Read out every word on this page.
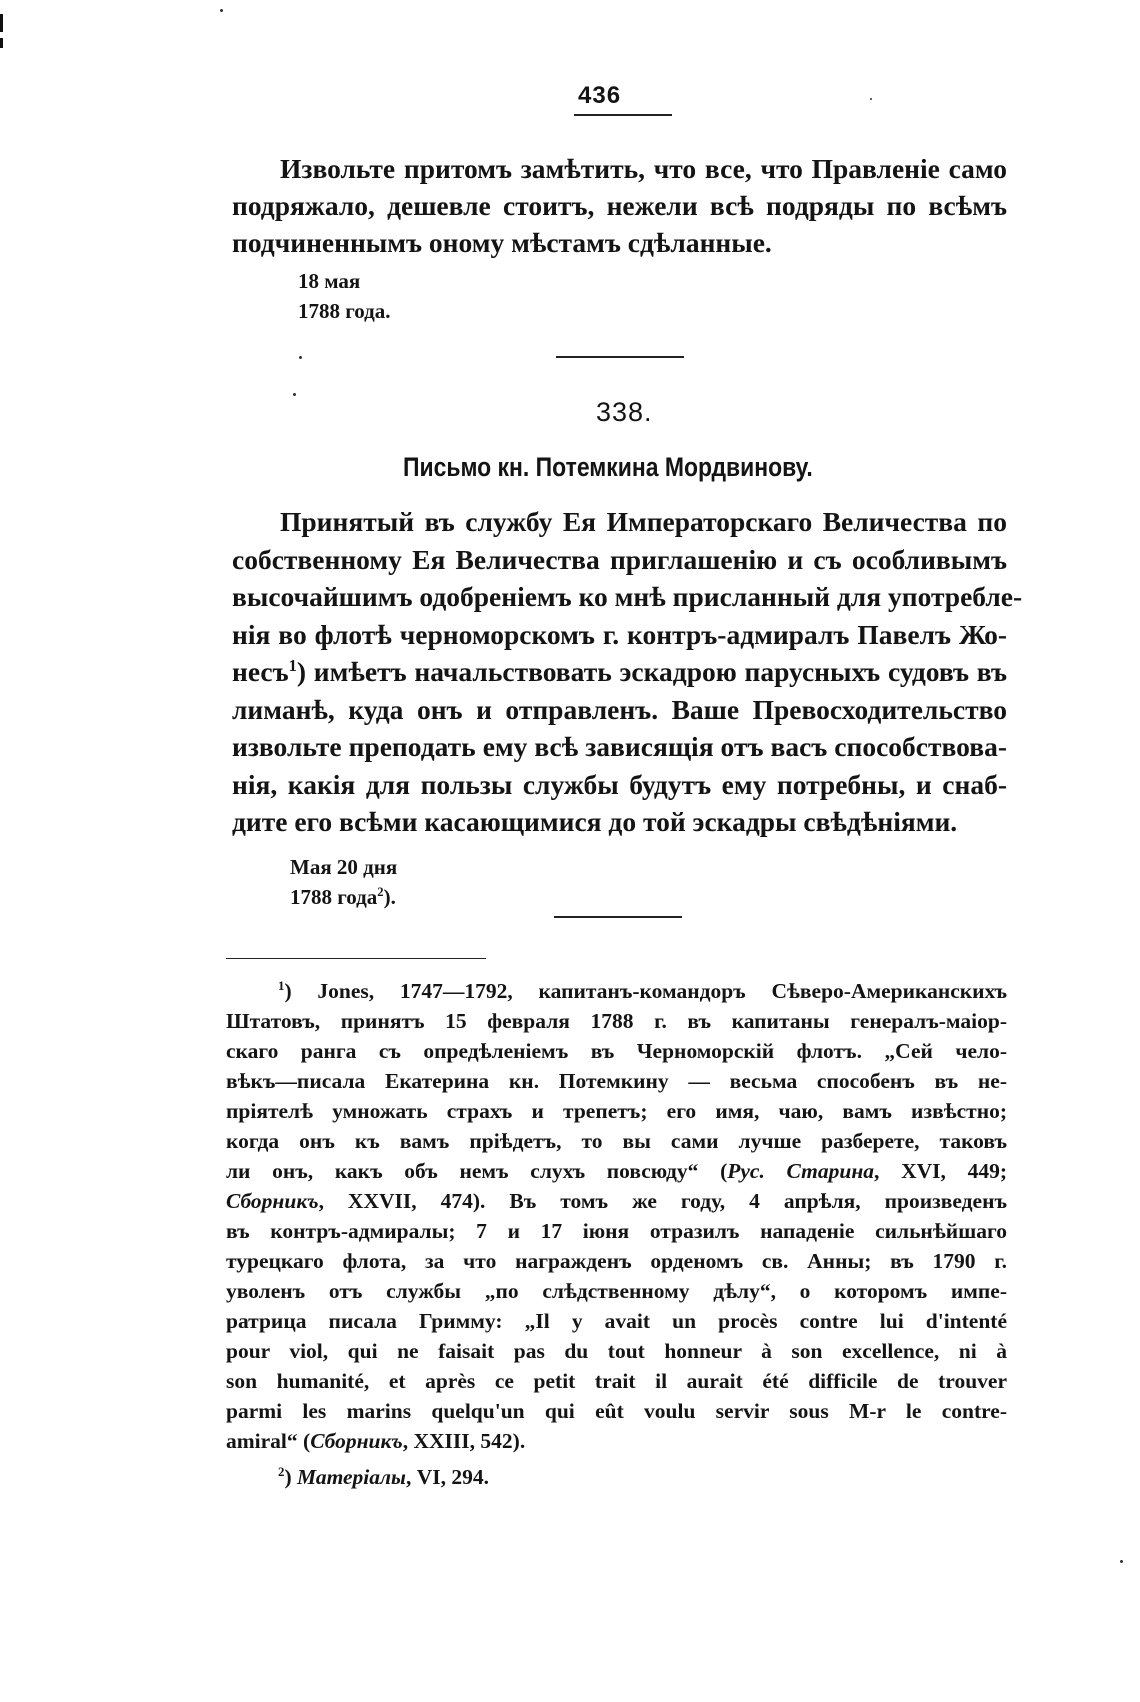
436
Извольте притомъ замѣтить, что все, что Правленіе само
подряжало, дешевле стоитъ, нежели всѣ подряды по всѣмъ
подчиненнымъ оному мѣстамъ сдѣланные.
18 мая
1788 года.
338.
Письмо кн. Потемкина Мордвинову.
Принятый въ службу Ея Императорскаго Величества по
собственному Ея Величества приглашенію и съ особливымъ
высочайшимъ одобреніемъ ко мнѣ присланный для употребле-
нія во флотѣ черноморскомъ г. контръ-адмиралъ Павелъ Жо-
несъ$^1$) имѣетъ начальствовать эскадрою парусныхъ судовъ въ
лиманѣ, куда онъ и отправленъ. Ваше Превосходительство
извольте преподать ему всѣ зависящія отъ васъ способствова-
нія, какія для пользы службы будутъ ему потребны, и снаб-
дите его всѣми касающимися до той эскадры свѣдѣніями.
Мая 20 дня
1788 года$^2$).
$^1$) Jones, 1747—1792, капитанъ-командоръ Сѣверо-Американскихъ
Штатовъ, принятъ 15 февраля 1788 г. въ капитаны генералъ-маіор-
скаго ранга съ опредѣленіемъ въ Черноморскій флотъ. „Сей чело-
вѣкъ—писала Екатерина кн. Потемкину — весьма способенъ въ не-
пріятелѣ умножать страхъ и трепетъ; его имя, чаю, вамъ извѣстно;
когда онъ къ вамъ пріѣдетъ, то вы сами лучше разберете, таковъ
ли онъ, какъ объ немъ слухъ повсюду“ (Рус. Старина, XVI, 449;
Сборникъ, XXVII, 474). Въ томъ же году, 4 апрѣля, произведенъ
въ контръ-адмиралы; 7 и 17 іюня отразилъ нападеніе сильнѣйшаго
турецкаго флота, за что награжденъ орденомъ св. Анны; въ 1790 г.
уволенъ отъ службы „по слѣдственному дѣлу“, о которомъ импе-
ратрица писала Гримму: „Il y avait un procès contre lui d'intenté
pour viol, qui ne faisait pas du tout honneur à son excellence, ni à
son humanité, et après ce petit trait il aurait été difficile de trouver
parmi les marins quelqu'un qui eût voulu servir sous M-r le contre-
amiral“ (Сборникъ, XXIII, 542).
$^2$) Матеріалы, VI, 294.
